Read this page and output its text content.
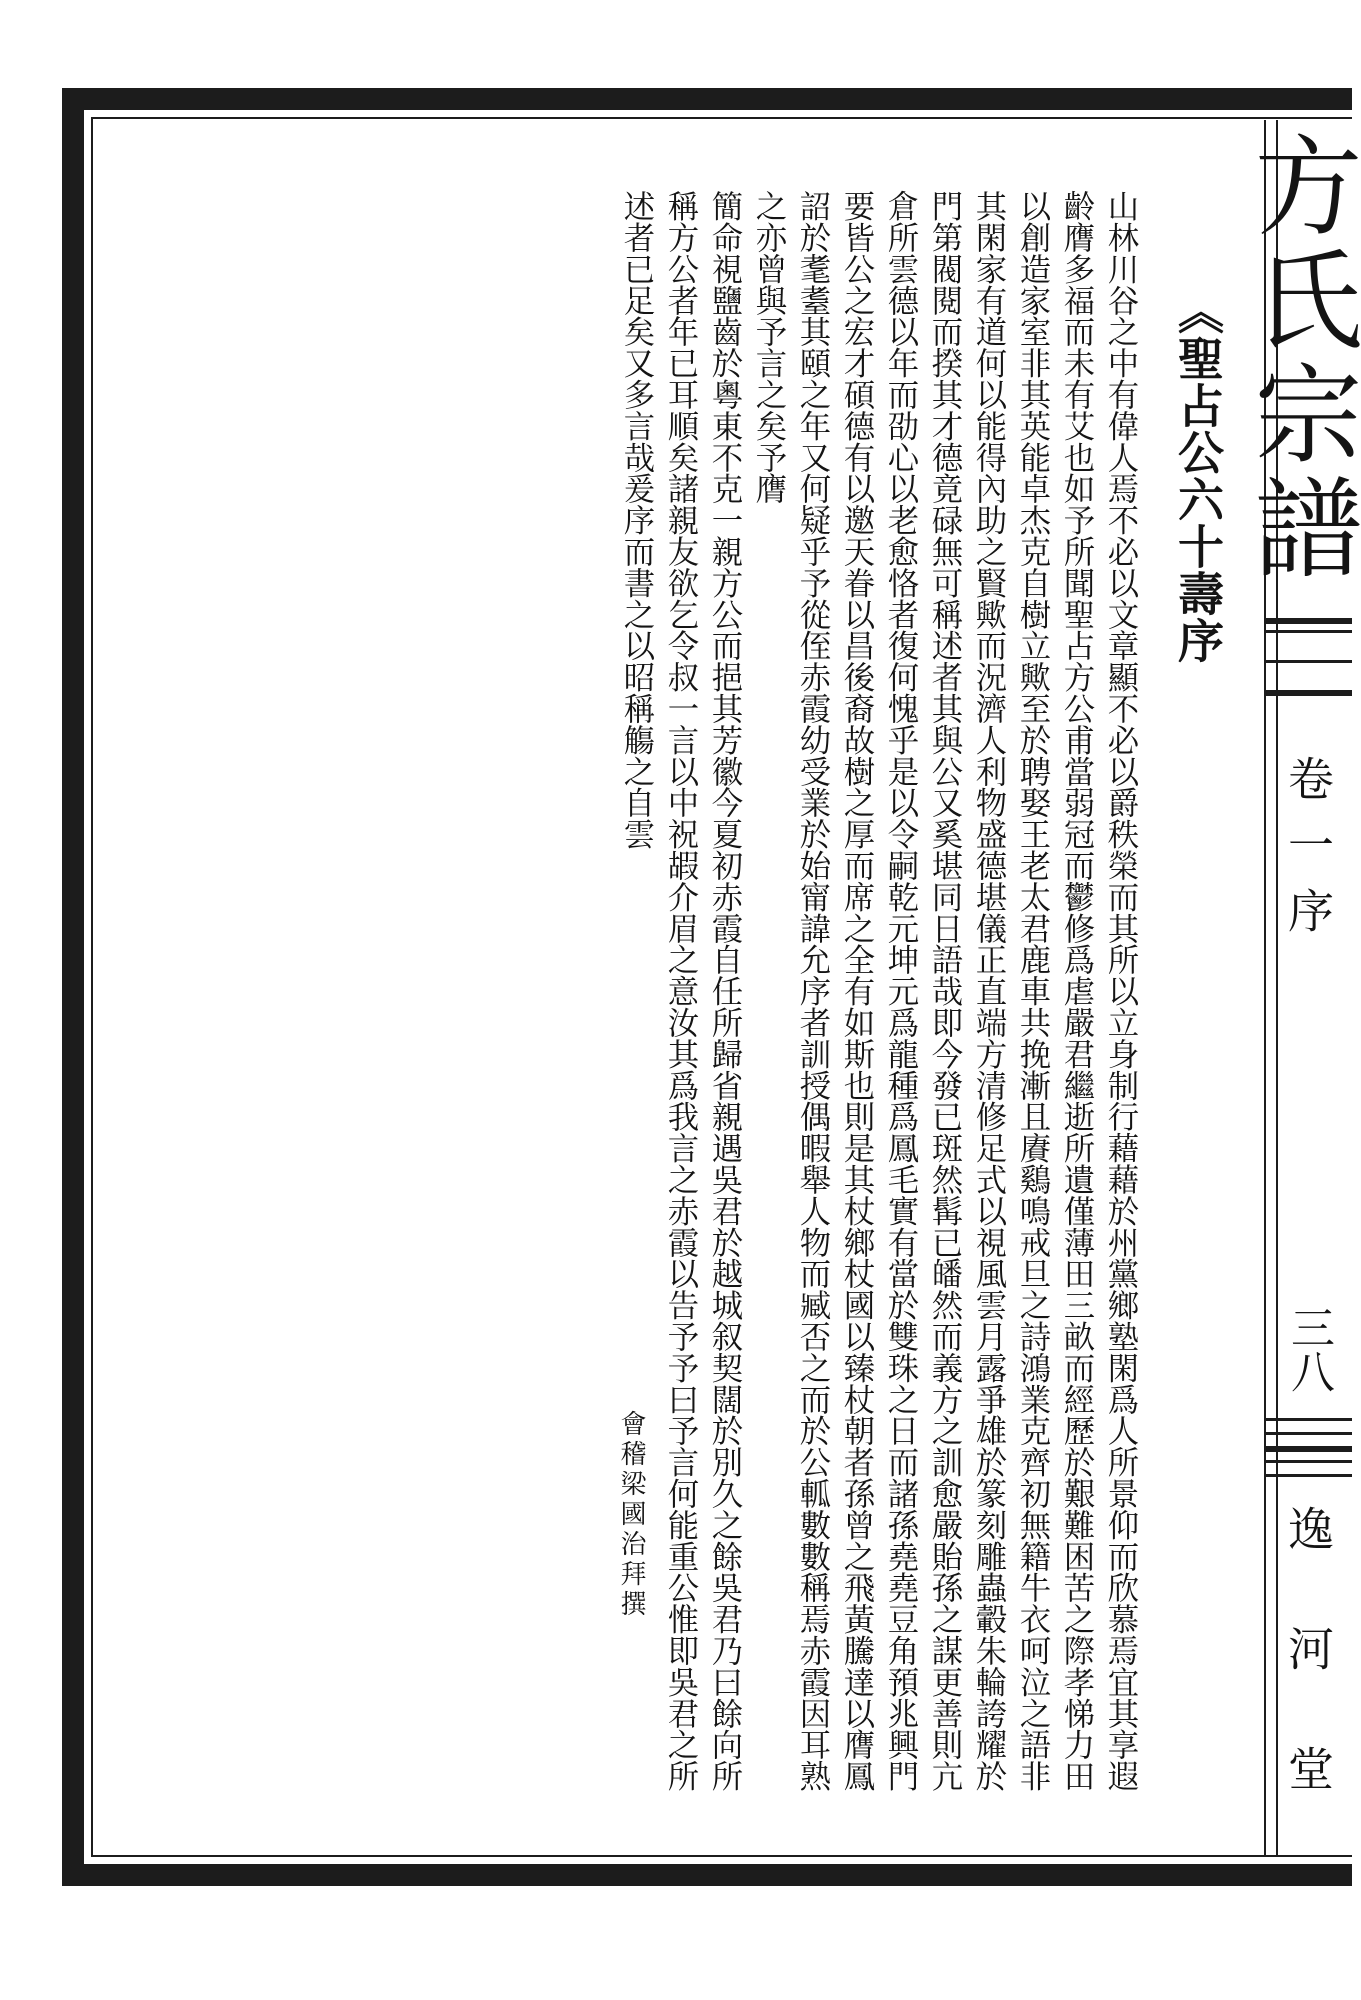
方氏宗譜
卷一序
三八
逸河堂
《聖占公六十壽序
山林川谷之中有偉人焉不必以文章顯不必以爵秩榮而其所以立身制行藉藉於州黨鄉塾閑爲人所景仰而欣慕焉宜其享遐
齡膺多福而未有艾也如予所聞聖占方公甫當弱冠而鬱修爲虐嚴君繼逝所遺僅薄田三畝而經歷於艱難困苦之際孝悌力田
以創造家室非其英能卓杰克自樹立歟至於聘娶王老太君鹿車共挽漸且賡鷄鳴戒旦之詩鴻業克齊初無籍牛衣呵泣之語非
其閑家有道何以能得內助之賢歟而況濟人利物盛德堪儀正直端方清修足式以視風雲月露爭雄於篆刻雕蟲轂朱輪誇耀於
門第閥閱而揆其才德竟碌無可稱述者其與公又奚堪同日語哉即今發已斑然髯已皤然而義方之訓愈嚴貽孫之謀更善則亢
倉所雲德以年而劭心以老愈恪者復何愧乎是以令嗣乾元坤元爲龍種爲鳳毛實有當於雙珠之日而諸孫堯堯豆角預兆興門
要皆公之宏才碩德有以邀天眷以昌後裔故樹之厚而席之全有如斯也則是其杖鄉杖國以臻杖朝者孫曾之飛黃騰達以膺鳳
詔於耄耋其頤之年又何疑乎予從侄赤霞幼受業於始甯諱允序者訓授偶暇舉人物而臧否之而於公軱數數稱焉赤霞因耳熟
之亦曾與予言之矣予膺
簡命視鹽齒於粵東不克一親方公而挹其芳徽今夏初赤霞自任所歸省親遇吳君於越城叙契闊於別久之餘吳君乃曰餘向所
稱方公者年已耳順矣諸親友欲乞令叔一言以中祝嘏介眉之意汝其爲我言之赤霞以告予予曰予言何能重公惟即吳君之所
述者已足矣又多言哉爰序而書之以昭稱觴之自雲
會稽梁國治拜撰
